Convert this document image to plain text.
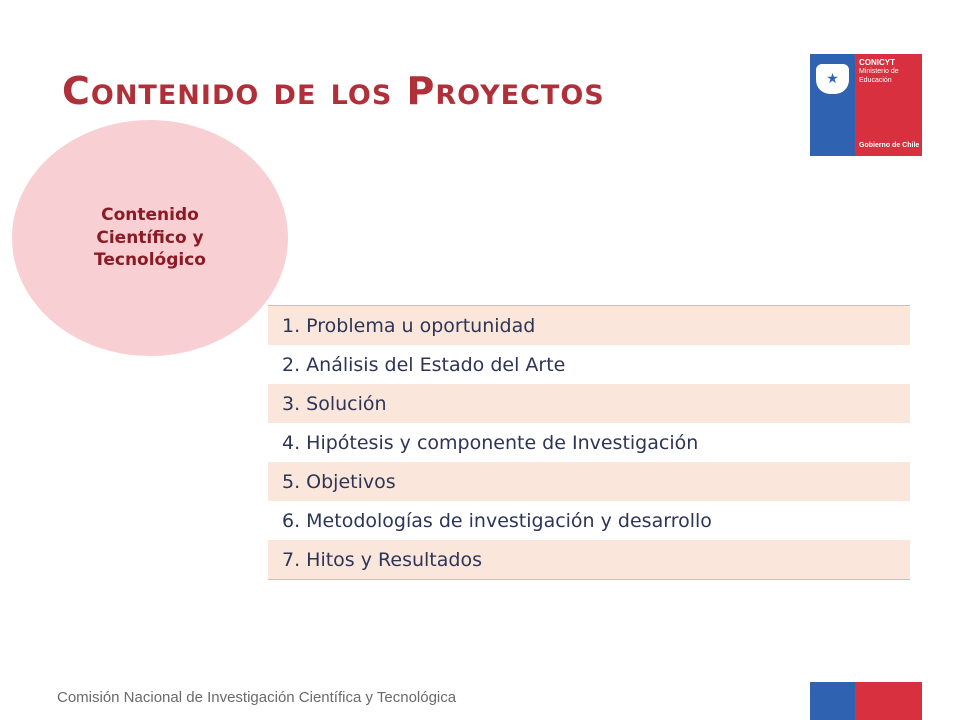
Contenido de los Proyectos	★
CONICYT
Ministerio de
Educación
Gobierno de Chile
Contenido
Científico y
Tecnológico
1. Problema u oportunidad
2. Análisis del Estado del Arte
3. Solución
4. Hipótesis y componente de Investigación
5. Objetivos
6. Metodologías de investigación y desarrollo
7. Hitos y Resultados
Comisión Nacional de Investigación Científica y Tecnológica
